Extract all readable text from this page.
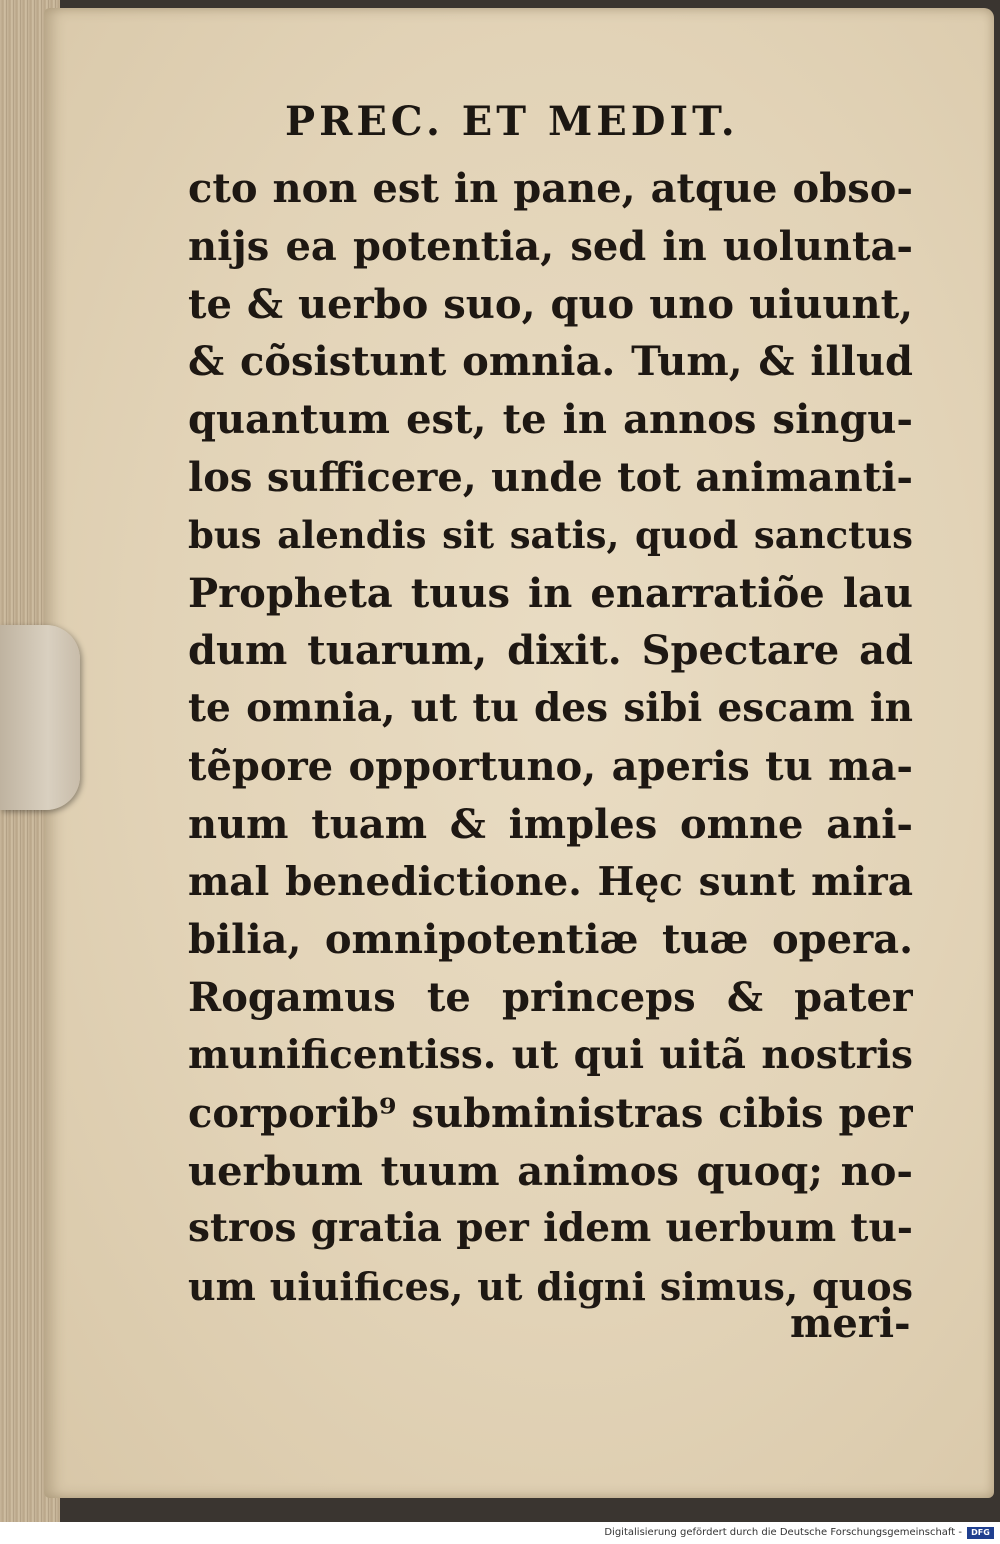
PREC. ET MEDIT.
cto non est in pane, atque obso-
nijs ea potentia, sed in uolunta-
te & uerbo suo, quo uno uiuunt,
& cõsistunt omnia. Tum, & illud
quantum est, te in annos singu-
los sufficere, unde tot animanti-
bus alendis sit satis, quod sanctus
Propheta tuus in enarratiõe lau
dum tuarum, dixit. Spectare ad
te omnia, ut tu des sibi escam in
tẽpore opportuno, aperis tu ma-
num tuam & imples omne ani-
mal benedictione. Hęc sunt mira
bilia, omnipotentiæ tuæ opera.
Rogamus te princeps & pater
munificentiss. ut qui uitã nostris
corporib⁹ subministras cibis per
uerbum tuum animos quoq; no-
stros gratia per idem uerbum tu-
um uiuifices, ut digni simus, quos
meri-
Digitalisierung gefördert durch die Deutsche Forschungsgemeinschaft -	DFG
